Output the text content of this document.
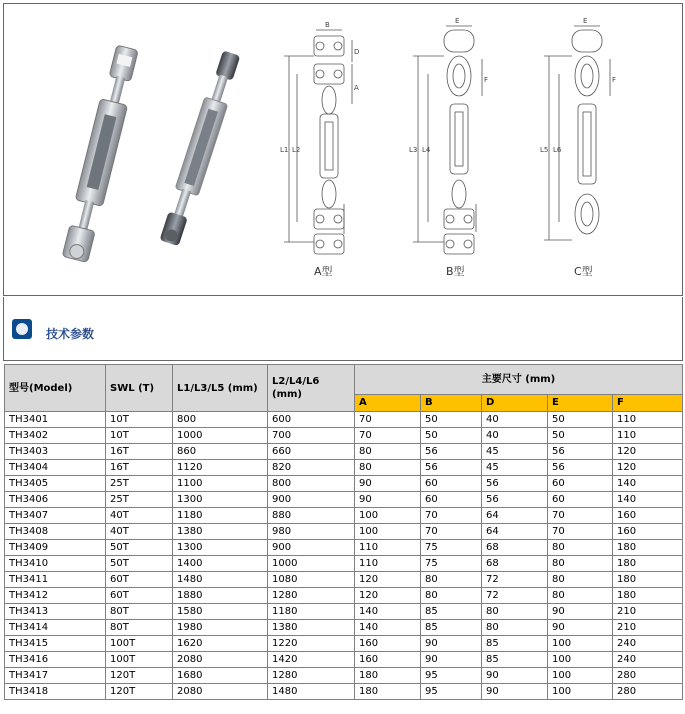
B
D
A
L1 L2
E
F
L3 L4
E
F
L5 L6
A型	B型	C型
技术参数
型号(Model)	SWL (T)	L1/L3/L5 (mm)	L2/L4/L6 (mm)	主要尺寸 (mm)				
				A	B	D	E	F
TH3401	10T	800	600	70	50	40	50	110
TH3402	10T	1000	700	70	50	40	50	110
TH3403	16T	860	660	80	56	45	56	120
TH3404	16T	1120	820	80	56	45	56	120
TH3405	25T	1100	800	90	60	56	60	140
TH3406	25T	1300	900	90	60	56	60	140
TH3407	40T	1180	880	100	70	64	70	160
TH3408	40T	1380	980	100	70	64	70	160
TH3409	50T	1300	900	110	75	68	80	180
TH3410	50T	1400	1000	110	75	68	80	180
TH3411	60T	1480	1080	120	80	72	80	180
TH3412	60T	1880	1280	120	80	72	80	180
TH3413	80T	1580	1180	140	85	80	90	210
TH3414	80T	1980	1380	140	85	80	90	210
TH3415	100T	1620	1220	160	90	85	100	240
TH3416	100T	2080	1420	160	90	85	100	240
TH3417	120T	1680	1280	180	95	90	100	280
TH3418	120T	2080	1480	180	95	90	100	280
